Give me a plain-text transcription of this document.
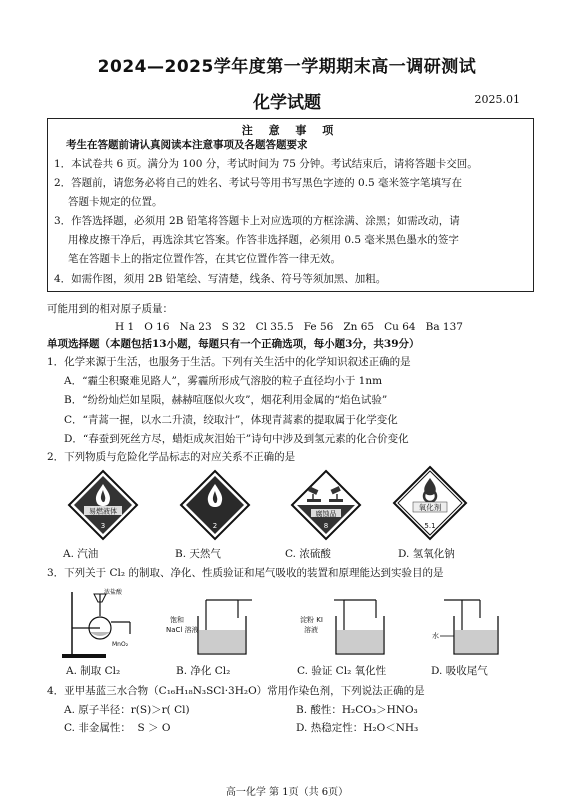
2024—2025学年度第一学期期末高一调研测试
化学试题	2025.01
注 意 事 项
考生在答题前请认真阅读本注意事项及各题答题要求
1．本试卷共 6 页。满分为 100 分，考试时间为 75 分钟。考试结束后，请将答题卡交回。
2．答题前，请您务必将自己的姓名、考试号等用书写黑色字迹的 0.5 毫米签字笔填写在
答题卡规定的位置。
3．作答选择题，必须用 2B 铅笔将答题卡上对应选项的方框涂满、涂黑；如需改动，请
用橡皮擦干净后，再选涂其它答案。作答非选择题，必须用 0.5 毫米黑色墨水的签字
笔在答题卡上的指定位置作答，在其它位置作答一律无效。
4．如需作图，须用 2B 铅笔绘、写清楚，线条、符号等须加黑、加粗。
可能用到的相对原子质量：
H 1   O 16   Na 23   S 32   Cl 35.5   Fe 56   Zn 65   Cu 64   Ba 137
单项选择题（本题包括13小题，每题只有一个正确选项，每小题3分，共39分）
1．化学来源于生活，也服务于生活。下列有关生活中的化学知识叙述正确的是
A．“霾尘积聚难见路人”，雾霾所形成气溶胶的粒子直径均小于 1nm
B．“纷纷灿烂如星陨，赫赫喧豗似火攻”，烟花利用金属的“焰色试验”
C．“青蒿一握，以水二升渍，绞取汁”，体现青蒿素的提取属于化学变化
D．“春蚕到死丝方尽，蜡炬成灰泪始干”诗句中涉及到氢元素的化合价变化
2．下列物质与危险化学品标志的对应关系不正确的是
易燃液体
3	2
腐蚀品
8
氧化剂
5.1
A. 汽油	B. 天然气	C. 浓硫酸	D. 氢氧化钠
3．下列关于 Cl₂ 的制取、净化、性质验证和尾气吸收的装置和原理能达到实验目的是
浓盐酸
MnO₂
饱和
NaCl 溶液
淀粉 KI
溶液
水
A. 制取 Cl₂	B. 净化 Cl₂	C. 验证 Cl₂ 氧化性	D. 吸收尾气
4．亚甲基蓝三水合物（C₁₆H₁₈N₃SCl·3H₂O）常用作染色剂，下列说法正确的是
A. 原子半径：r(S)＞r( Cl)	B. 酸性：H₂CO₃＞HNO₃
C. 非金属性：  S ＞ O	D. 热稳定性：H₂O＜NH₃
高一化学 第 1页（共 6页）
